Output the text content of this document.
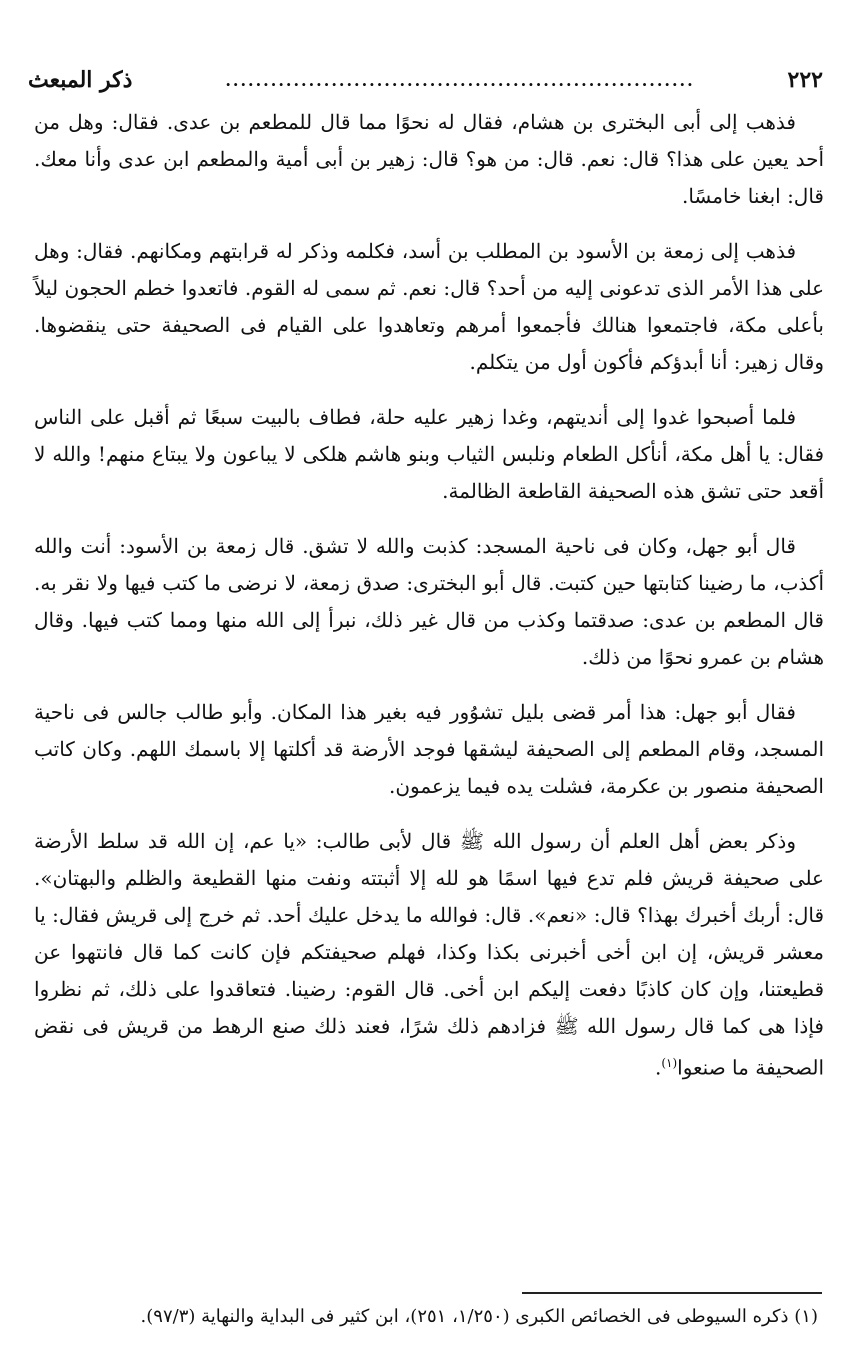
٢٢٢
..............................................................
ذكر المبعث

فذهب إلى أبى البخترى بن هشام، فقال له نحوًا مما قال للمطعم بن عدى. فقال: وهل من أحد يعين على هذا؟ قال: نعم. قال: من هو؟ قال: زهير بن أبى أمية والمطعم ابن عدى وأنا معك. قال: ابغنا خامسًا.

فذهب إلى زمعة بن الأسود بن المطلب بن أسد، فكلمه وذكر له قرابتهم ومكانهم. فقال: وهل على هذا الأمر الذى تدعونى إليه من أحد؟ قال: نعم. ثم سمى له القوم. فاتعدوا خطم الحجون ليلاً بأعلى مكة، فاجتمعوا هنالك فأجمعوا أمرهم وتعاهدوا على القيام فى الصحيفة حتى ينقضوها. وقال زهير: أنا أبدؤكم فأكون أول من يتكلم.

فلما أصبحوا غدوا إلى أنديتهم، وغدا زهير عليه حلة، فطاف بالبيت سبعًا ثم أقبل على الناس فقال: يا أهل مكة، أنأكل الطعام ونلبس الثياب وبنو هاشم هلكى لا يباعون ولا يبتاع منهم! والله لا أقعد حتى تشق هذه الصحيفة القاطعة الظالمة.

قال أبو جهل، وكان فى ناحية المسجد: كذبت والله لا تشق. قال زمعة بن الأسود: أنت والله أكذب، ما رضينا كتابتها حين كتبت. قال أبو البخترى: صدق زمعة، لا نرضى ما كتب فيها ولا نقر به. قال المطعم بن عدى: صدقتما وكذب من قال غير ذلك، نبرأ إلى الله منها ومما كتب فيها. وقال هشام بن عمرو نحوًا من ذلك.

فقال أبو جهل: هذا أمر قضى بليل تشوُور فيه بغير هذا المكان. وأبو طالب جالس فى ناحية المسجد، وقام المطعم إلى الصحيفة ليشقها فوجد الأرضة قد أكلتها إلا باسمك اللهم. وكان كاتب الصحيفة منصور بن عكرمة، فشلت يده فيما يزعمون.

وذكر بعض أهل العلم أن رسول الله ﷺ قال لأبى طالب: «يا عم، إن الله قد سلط الأرضة على صحيفة قريش فلم تدع فيها اسمًا هو لله إلا أثبتته ونفت منها القطيعة والظلم والبهتان». قال: أربك أخبرك بهذا؟ قال: «نعم». قال: فوالله ما يدخل عليك أحد. ثم خرج إلى قريش فقال: يا معشر قريش، إن ابن أخى أخبرنى بكذا وكذا، فهلم صحيفتكم فإن كانت كما قال فانتهوا عن قطيعتنا، وإن كان كاذبًا دفعت إليكم ابن أخى. قال القوم: رضينا. فتعاقدوا على ذلك، ثم نظروا فإذا هى كما قال رسول الله ﷺ فزادهم ذلك شرًا، فعند ذلك صنع الرهط من قريش فى نقض الصحيفة ما صنعوا$^{(١)}$.

(١) ذكره السيوطى فى الخصائص الكبرى (١/٢٥٠، ٢٥١)، ابن كثير فى البداية والنهاية (٩٧/٣).
